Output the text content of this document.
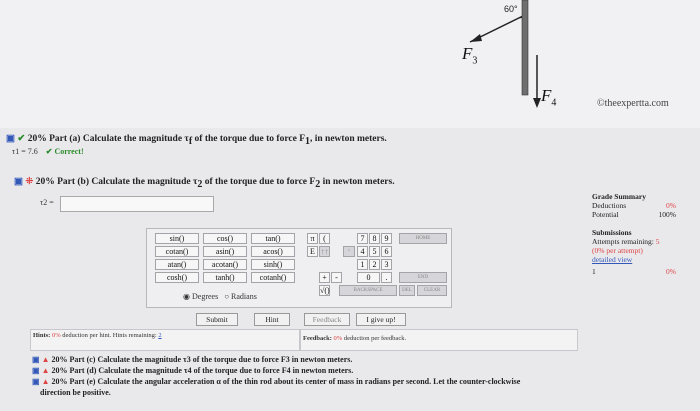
60°
$F_3$
$F_4$	©theexpertta.com
▣ ✔ 20% Part (a) Calculate the magnitude τf of the torque due to force F1, in newton meters.
τ1 = 7.6 ✔ Correct!
▣ ⁜ 20% Part (b) Calculate the magnitude τ2 of the torque due to force F2 in newton meters.
τ2 =
sin()	cos()	tan()
cotan()	asin()	acos()
atan()	acotan()	sinh()
cosh()	tanh()	cotanh()
π	(
E ↑↑
+	-
√()
7	8	9
4	5	6
1	2	3
0	.
HOME
^
END
BACKSPACE	DEL	CLEAR
◉ Degrees ○ Radians
Submit	Hint	Feedback	I give up!
Hints: 0% deduction per hint. Hints remaining: 2	Feedback: 0% deduction per feedback.
Grade Summary
Deductions	0%
Potential	100%
Submissions
Attempts remaining: 5
(0% per attempt)
detailed view
1	0%
▣ ▲ 20% Part (c) Calculate the magnitude τ3 of the torque due to force F3 in newton meters.
▣ ▲ 20% Part (d) Calculate the magnitude τ4 of the torque due to force F4 in newton meters.
▣ ▲ 20% Part (e) Calculate the angular acceleration α of the thin rod about its center of mass in radians per second. Let the counter-clockwise
direction be positive.
